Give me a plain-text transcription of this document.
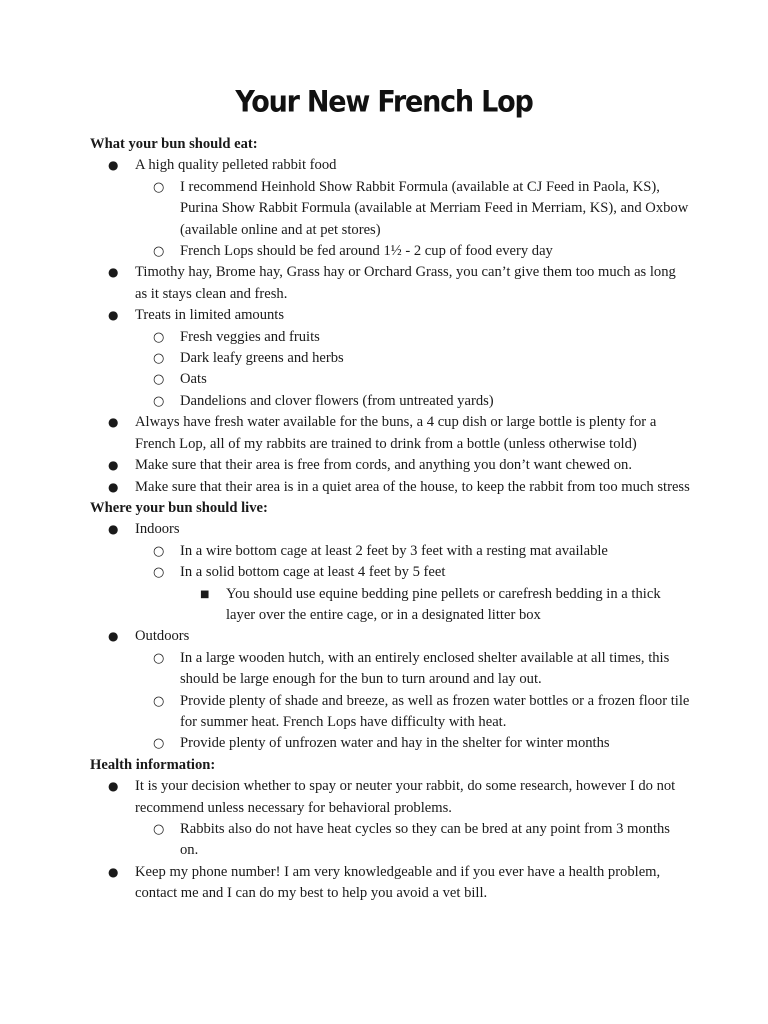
Your New French Lop
What your bun should eat:
● A high quality pelleted rabbit food
○ I recommend Heinhold Show Rabbit Formula (available at CJ Feed in Paola, KS), Purina Show Rabbit Formula (available at Merriam Feed in Merriam, KS), and Oxbow (available online and at pet stores)
○ French Lops should be fed around 1½ - 2 cup of food every day
● Timothy hay, Brome hay, Grass hay or Orchard Grass, you can’t give them too much as long as it stays clean and fresh.
● Treats in limited amounts
○ Fresh veggies and fruits
○ Dark leafy greens and herbs
○ Oats
○ Dandelions and clover flowers (from untreated yards)
● Always have fresh water available for the buns, a 4 cup dish or large bottle is plenty for a French Lop, all of my rabbits are trained to drink from a bottle (unless otherwise told)
● Make sure that their area is free from cords, and anything you don’t want chewed on.
● Make sure that their area is in a quiet area of the house, to keep the rabbit from too much stress
Where your bun should live:
● Indoors
○ In a wire bottom cage at least 2 feet by 3 feet with a resting mat available
○ In a solid bottom cage at least 4 feet by 5 feet
■ You should use equine bedding pine pellets or carefresh bedding in a thick layer over the entire cage, or in a designated litter box
● Outdoors
○ In a large wooden hutch, with an entirely enclosed shelter available at all times, this should be large enough for the bun to turn around and lay out.
○ Provide plenty of shade and breeze, as well as frozen water bottles or a frozen floor tile for summer heat. French Lops have difficulty with heat.
○ Provide plenty of unfrozen water and hay in the shelter for winter months
Health information:
● It is your decision whether to spay or neuter your rabbit, do some research, however I do not recommend unless necessary for behavioral problems.
○ Rabbits also do not have heat cycles so they can be bred at any point from 3 months on.
● Keep my phone number! I am very knowledgeable and if you ever have a health problem, contact me and I can do my best to help you avoid a vet bill.
